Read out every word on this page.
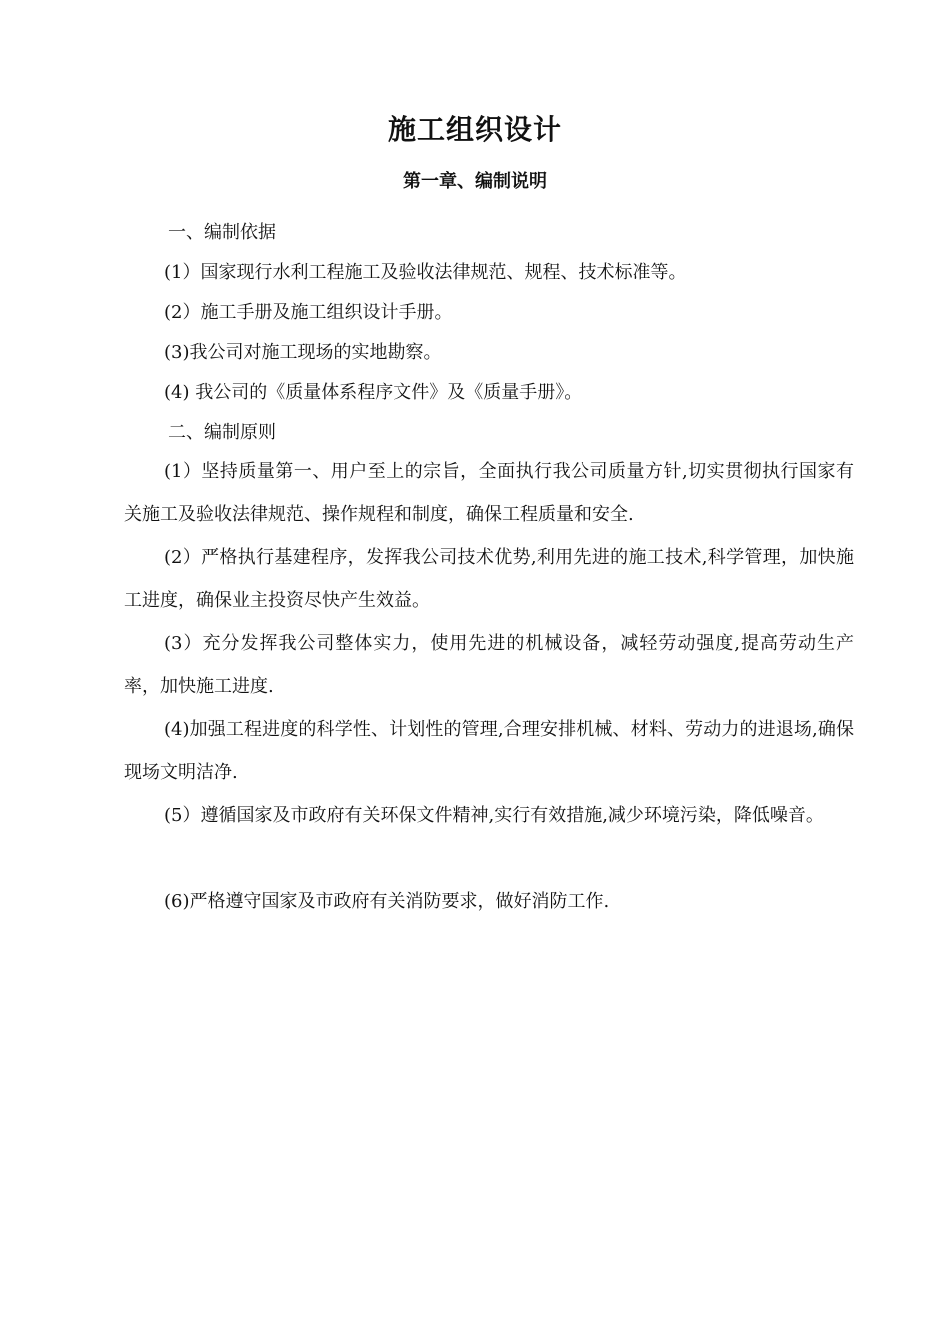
施工组织设计
第一章、编制说明
一、编制依据
(1）国家现行水利工程施工及验收法律规范、规程、技术标准等。
(2）施工手册及施工组织设计手册。
(3)我公司对施工现场的实地勘察。
(4) 我公司的《质量体系程序文件》及《质量手册》。
二、编制原则
(1）坚持质量第一、用户至上的宗旨，全面执行我公司质量方针,切实贯彻执行国家有关施工及验收法律规范、操作规程和制度，确保工程质量和安全.
(2）严格执行基建程序，发挥我公司技术优势,利用先进的施工技术,科学管理，加快施工进度，确保业主投资尽快产生效益。
(3）充分发挥我公司整体实力，使用先进的机械设备，减轻劳动强度,提高劳动生产率，加快施工进度.
(4)加强工程进度的科学性、计划性的管理,合理安排机械、材料、劳动力的进退场,确保现场文明洁净.
(5）遵循国家及市政府有关环保文件精神,实行有效措施,减少环境污染，降低噪音。
(6)严格遵守国家及市政府有关消防要求，做好消防工作.
